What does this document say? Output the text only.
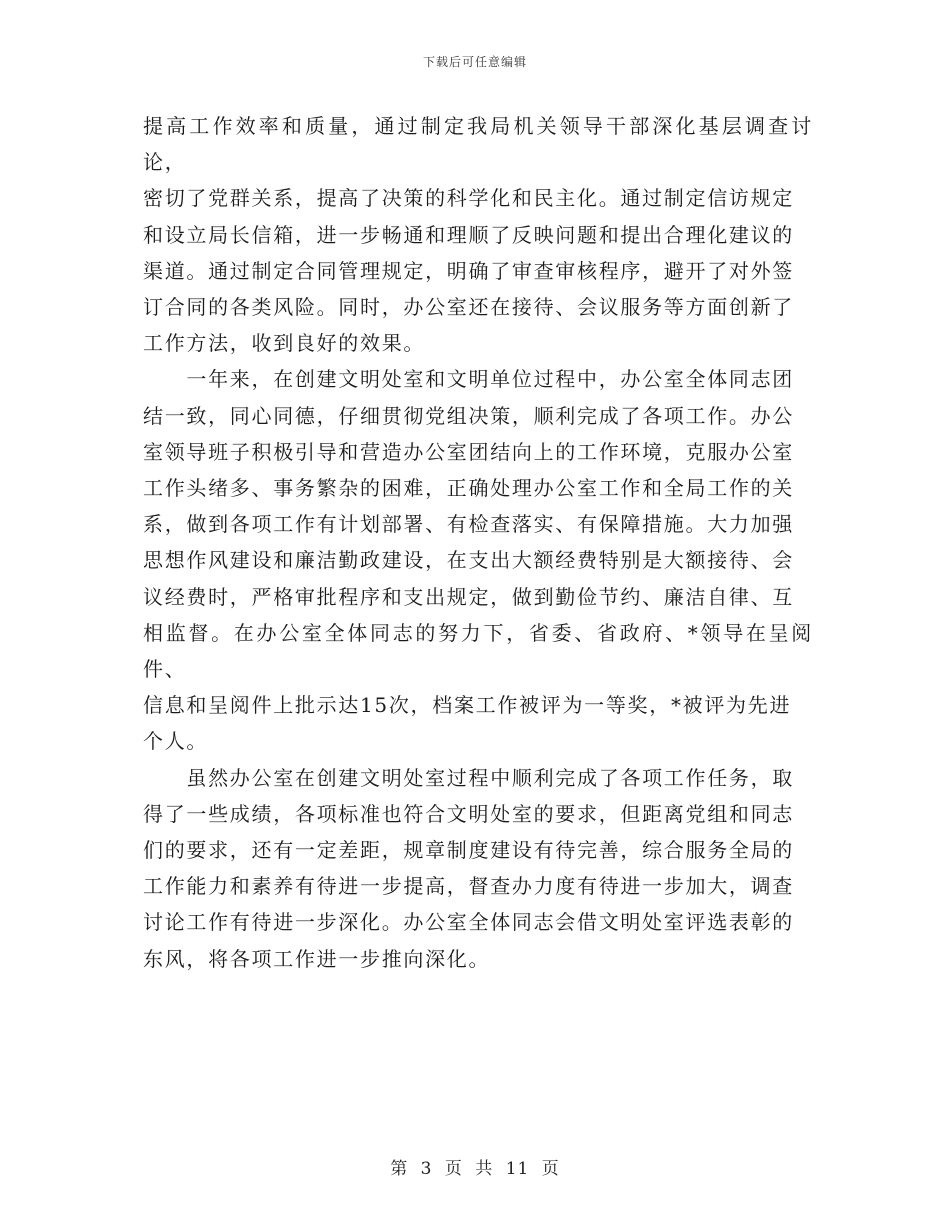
下载后可任意编辑

提高工作效率和质量，通过制定我局机关领导干部深化基层调查讨论，
密切了党群关系，提高了决策的科学化和民主化。通过制定信访规定
和设立局长信箱，进一步畅通和理顺了反映问题和提出合理化建议的
渠道。通过制定合同管理规定，明确了审查审核程序，避开了对外签
订合同的各类风险。同时，办公室还在接待、会议服务等方面创新了
工作方法，收到良好的效果。

　　一年来，在创建文明处室和文明单位过程中，办公室全体同志团
结一致，同心同德，仔细贯彻党组决策，顺利完成了各项工作。办公
室领导班子积极引导和营造办公室团结向上的工作环境，克服办公室
工作头绪多、事务繁杂的困难，正确处理办公室工作和全局工作的关
系，做到各项工作有计划部署、有检查落实、有保障措施。大力加强
思想作风建设和廉洁勤政建设，在支出大额经费特别是大额接待、会
议经费时，严格审批程序和支出规定，做到勤俭节约、廉洁自律、互
相监督。在办公室全体同志的努力下，省委、省政府、*领导在呈阅件、
信息和呈阅件上批示达15次，档案工作被评为一等奖，*被评为先进
个人。

　　虽然办公室在创建文明处室过程中顺利完成了各项工作任务，取
得了一些成绩，各项标准也符合文明处室的要求，但距离党组和同志
们的要求，还有一定差距，规章制度建设有待完善，综合服务全局的
工作能力和素养有待进一步提高，督查办力度有待进一步加大，调查
讨论工作有待进一步深化。办公室全体同志会借文明处室评选表彰的
东风，将各项工作进一步推向深化。

第 3 页 共 11 页
